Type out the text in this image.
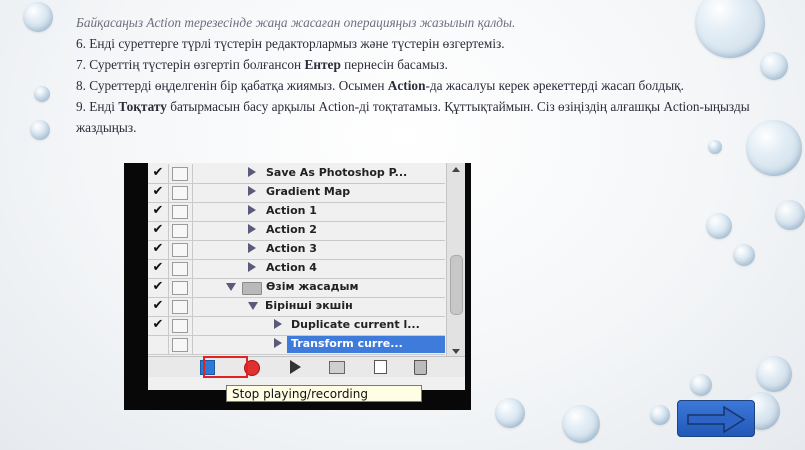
Байқасаңыз Action терезесінде жаңа жасаған операцияңыз жазылып қалды.

6. Енді суреттерге түрлі түстерін редакторлармыз және түстерін өзгертеміз.

7. Суреттің түстерін өзгертіп болғансон Ентер пернесін басамыз.

8. Суреттерді өңделгенін бір қабатқа жиямыз. Осымен Action-да жасалуы керек әрекеттерді жасап болдық.

9. Енді Тоқтату батырмасын басу арқылы Action-ді тоқтатамыз. Құттықтаймын. Сіз өзіңіздің алғашқы Action-ыңызды жаздыңыз.

✔	Save As Photoshop P...
✔	Gradient Map
✔	Action 1
✔	Action 2
✔	Action 3
✔	Action 4
✔	Өзім жасадым
✔	Бірінші экшін
✔	Duplicate current l...
Transform curre...
Stop playing/recording
